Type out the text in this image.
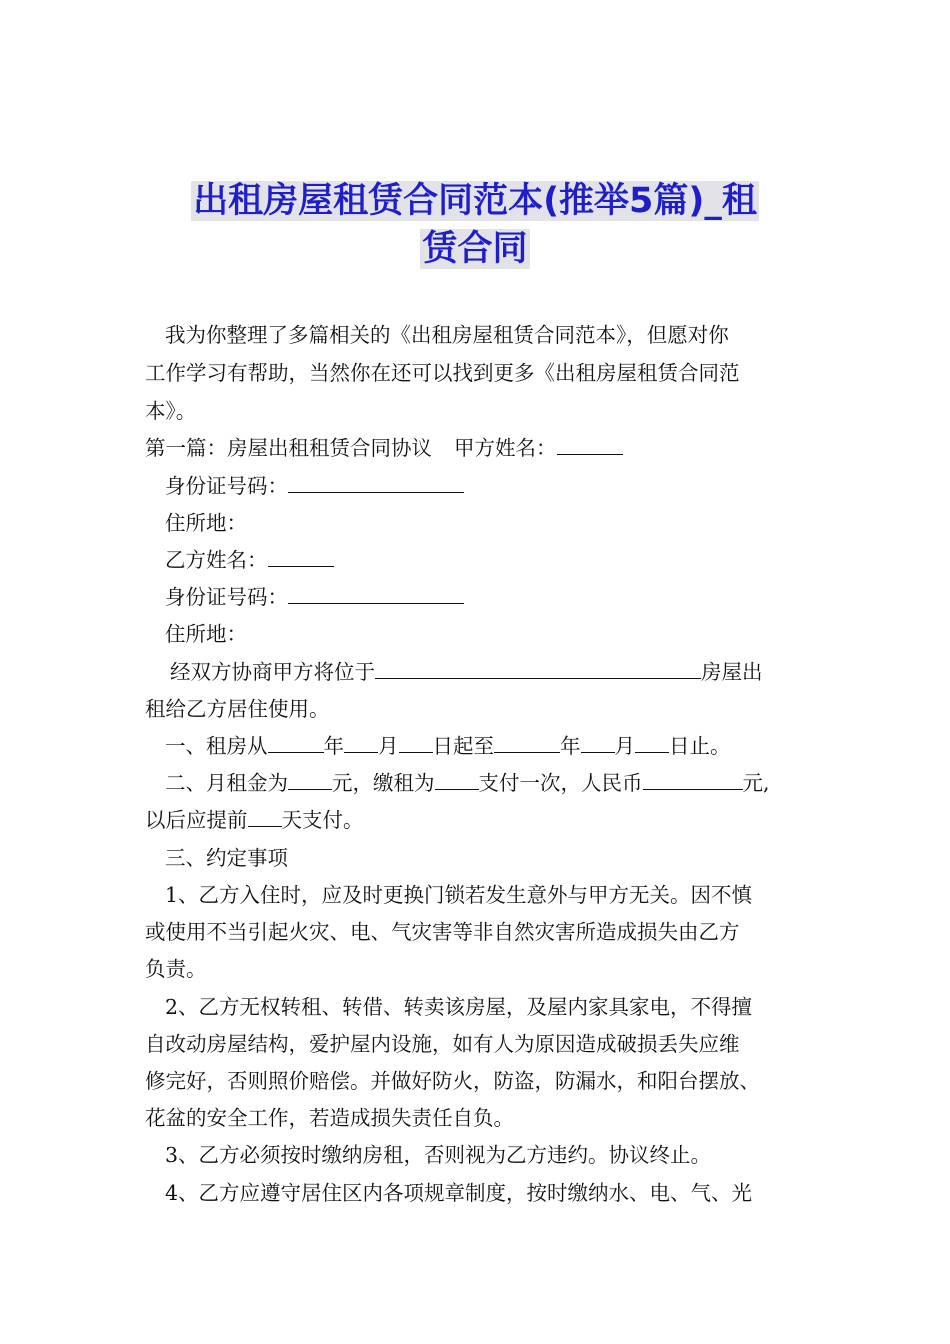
出租房屋租赁合同范本(推举5篇)_租
赁合同
我为你整理了多篇相关的《出租房屋租赁合同范本》，但愿对你
工作学习有帮助，当然你在还可以找到更多《出租房屋租赁合同范
本》。
第一篇：房屋出租租赁合同协议 甲方姓名：
身份证号码：
住所地：
乙方姓名：
身份证号码：
住所地：
经双方协商甲方将位于	房屋出
租给乙方居住使用。
一、租房从	年 月 日起至	年 月 日止。
二、月租金为 元，缴租为 支付一次，人民币	元,
以后应提前 天支付。
三、约定事项
1、乙方入住时，应及时更换门锁若发生意外与甲方无关。因不慎
或使用不当引起火灾、电、气灾害等非自然灾害所造成损失由乙方
负责。
2、乙方无权转租、转借、转卖该房屋，及屋内家具家电，不得擅
自改动房屋结构，爱护屋内设施，如有人为原因造成破损丢失应维
修完好，否则照价赔偿。并做好防火，防盗，防漏水，和阳台摆放、
花盆的安全工作，若造成损失责任自负。
3、乙方必须按时缴纳房租，否则视为乙方违约。协议终止。
4、乙方应遵守居住区内各项规章制度，按时缴纳水、电、气、光
